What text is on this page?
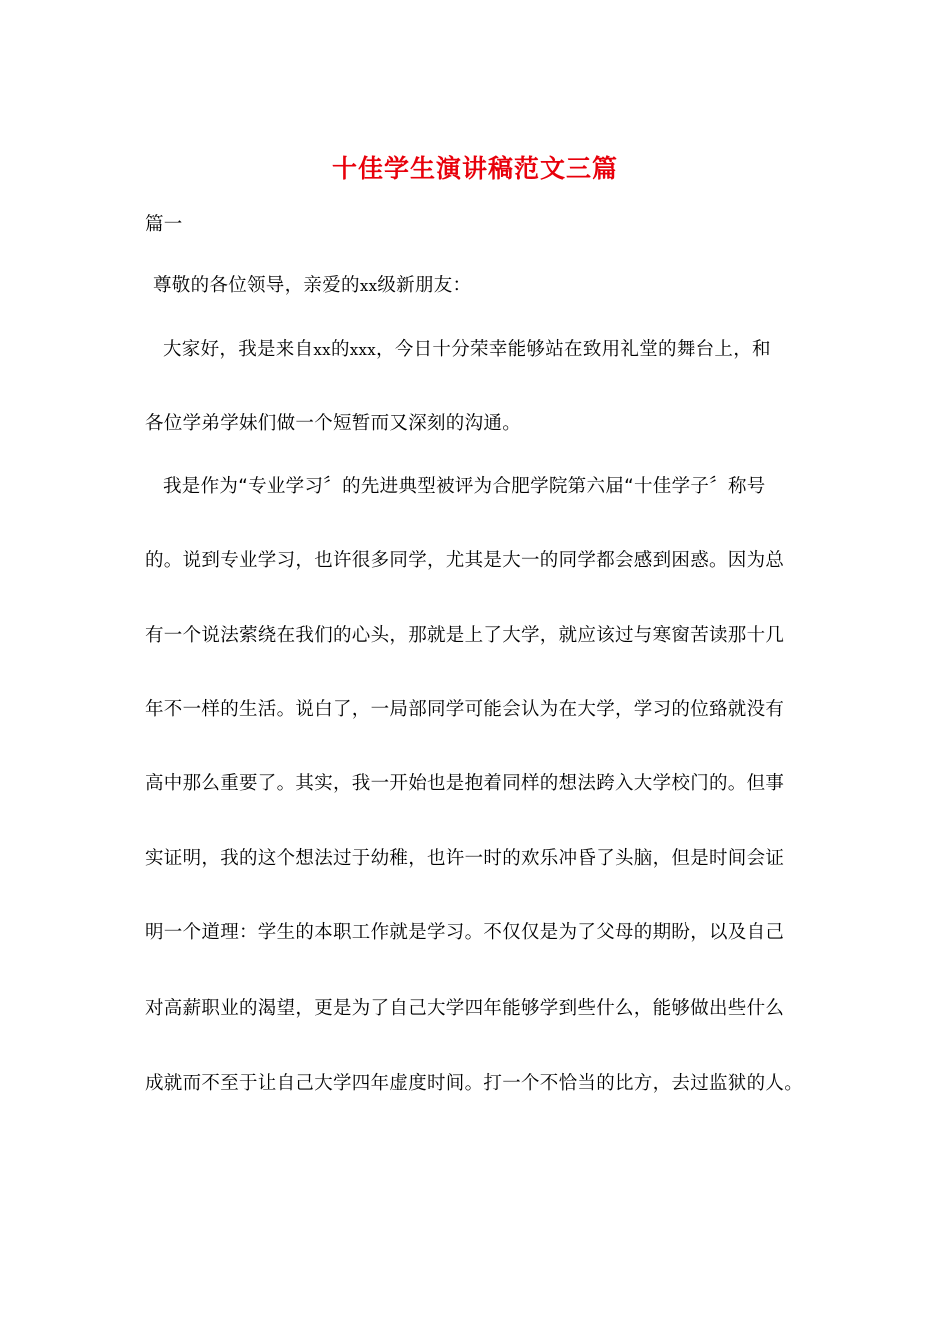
十佳学生演讲稿范文三篇
篇一
尊敬的各位领导，亲爱的xx级新朋友：
大家好，我是来自xx的xxx，今日十分荣幸能够站在致用礼堂的舞台上，和
各位学弟学妹们做一个短暂而又深刻的沟通。
我是作为“专业学习〞的先进典型被评为合肥学院第六届“十佳学子〞称号
的。说到专业学习，也许很多同学，尤其是大一的同学都会感到困惑。因为总
有一个说法萦绕在我们的心头，那就是上了大学，就应该过与寒窗苦读那十几
年不一样的生活。说白了，一局部同学可能会认为在大学，学习的位臵就没有
高中那么重要了。其实，我一开始也是抱着同样的想法跨入大学校门的。但事
实证明，我的这个想法过于幼稚，也许一时的欢乐冲昏了头脑，但是时间会证
明一个道理：学生的本职工作就是学习。不仅仅是为了父母的期盼，以及自己
对高薪职业的渴望，更是为了自己大学四年能够学到些什么，能够做出些什么
成就而不至于让自己大学四年虚度时间。打一个不恰当的比方，去过监狱的人。
